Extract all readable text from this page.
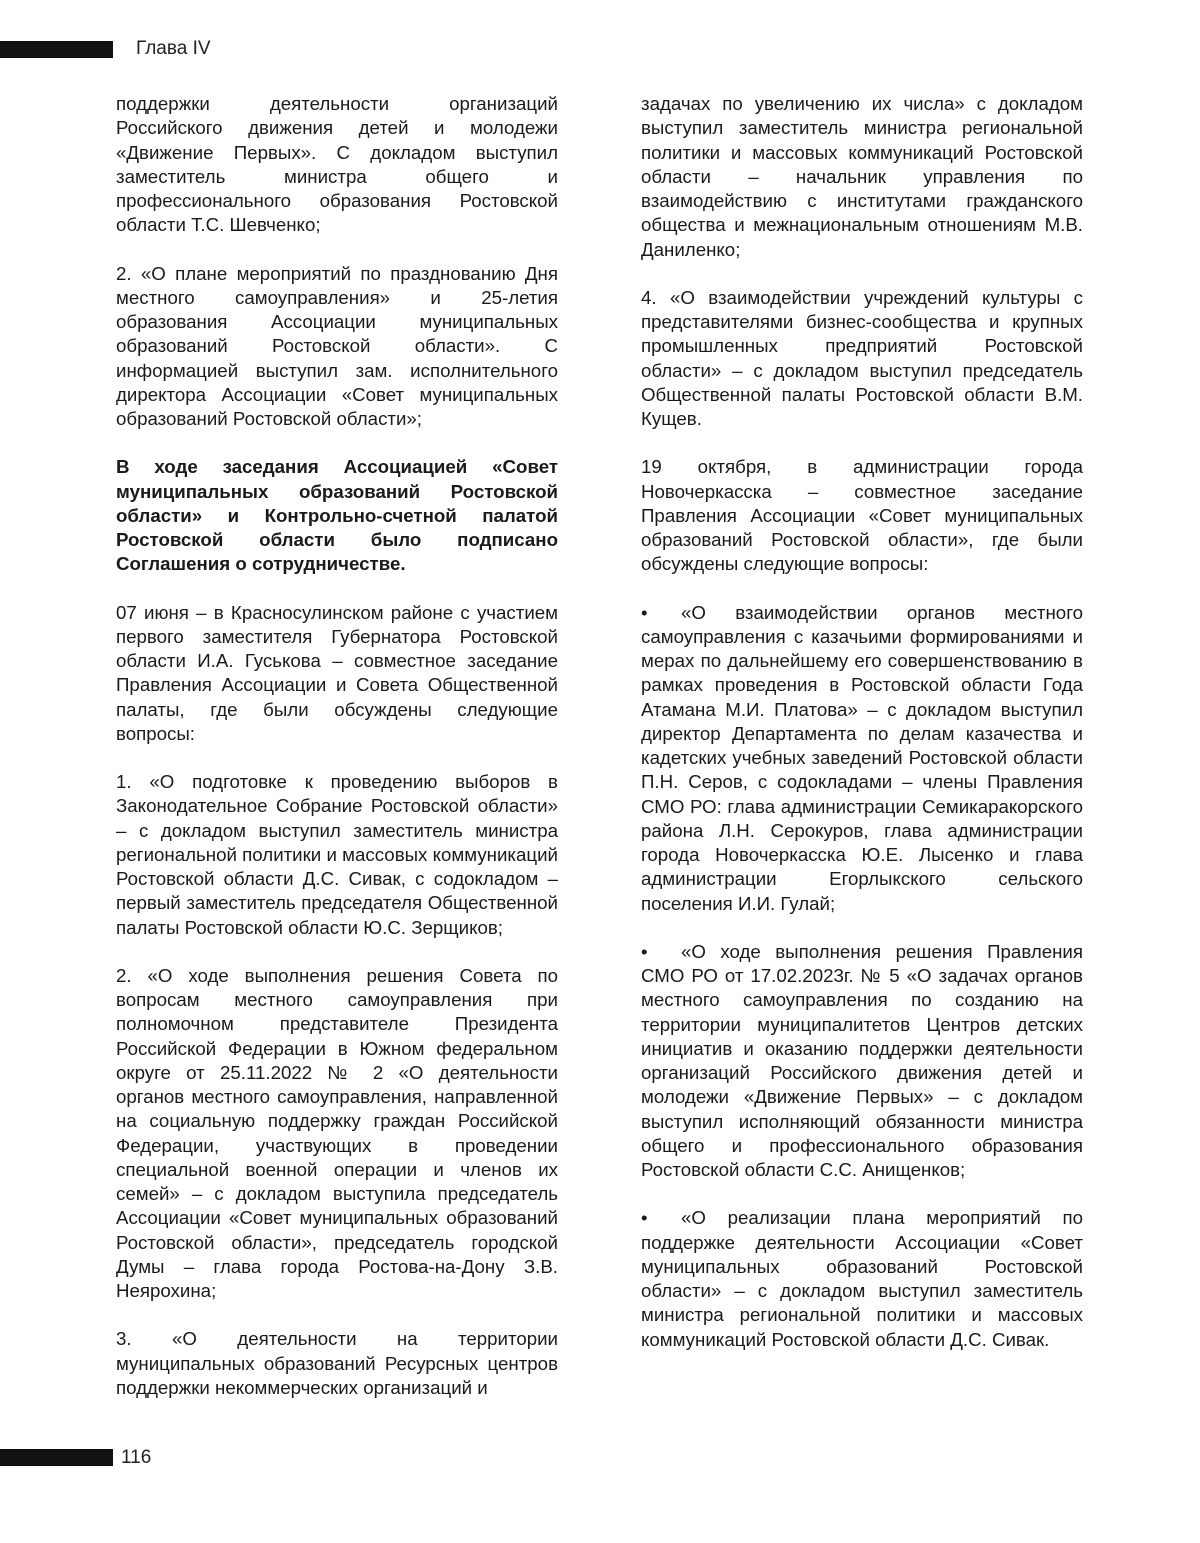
Глава IV

поддержки деятельности организаций Российского движения детей и молодежи «Движение Первых». С докладом выступил заместитель министра общего и профессионального образования Ростовской области Т.С. Шевченко;

2. «О плане мероприятий по празднованию Дня местного самоуправления» и 25-летия образования Ассоциации муниципальных образований Ростовской области». С информацией выступил зам. исполнительного директора Ассоциации «Совет муниципальных образований Ростовской области»;

В ходе заседания Ассоциацией «Совет муниципальных образований Ростовской области» и Контрольно-счетной палатой Ростовской области было подписано Соглашения о сотрудничестве.

07 июня – в Красносулинском районе с участием первого заместителя Губернатора Ростовской области И.А. Гуськова – совместное заседание Правления Ассоциации и Совета Общественной палаты, где были обсуждены следующие вопросы:

1. «О подготовке к проведению выборов в Законодательное Собрание Ростовской области» – с докладом выступил заместитель министра региональной политики и массовых коммуникаций Ростовской области Д.С. Сивак, с содокладом – первый заместитель председателя Общественной палаты Ростовской области Ю.С. Зерщиков;

2. «О ходе выполнения решения Совета по вопросам местного самоуправления при полномочном представителе Президента Российской Федерации в Южном федеральном округе от 25.11.2022 № 2 «О деятельности органов местного самоуправления, направленной на социальную поддержку граждан Российской Федерации, участвующих в проведении специальной военной операции и членов их семей» – с докладом выступила председатель Ассоциации «Совет муниципальных образований Ростовской области», председатель городской Думы – глава города Ростова-на-Дону З.В. Неярохина;

3. «О деятельности на территории муниципальных образований Ресурсных центров поддержки некоммерческих организаций и

задачах по увеличению их числа» с докладом выступил заместитель министра региональной политики и массовых коммуникаций Ростовской области – начальник управления по взаимодействию с институтами гражданского общества и межнациональным отношениям М.В. Даниленко;

4. «О взаимодействии учреждений культуры с представителями бизнес-сообщества и крупных промышленных предприятий Ростовской области» – с докладом выступил председатель Общественной палаты Ростовской области В.М. Кущев.

19 октября, в администрации города Новочеркасска – совместное заседание Правления Ассоциации «Совет муниципальных образований Ростовской области», где были обсуждены следующие вопросы:

• «О взаимодействии органов местного самоуправления с казачьими формированиями и мерах по дальнейшему его совершенствованию в рамках проведения в Ростовской области Года Атамана М.И. Платова» – с докладом выступил директор Департамента по делам казачества и кадетских учебных заведений Ростовской области П.Н. Серов, с содокладами – члены Правления СМО РО: глава администрации Семикаракорского района Л.Н. Серокуров, глава администрации города Новочеркасска Ю.Е. Лысенко и глава администрации Егорлыкского сельского поселения И.И. Гулай;

• «О ходе выполнения решения Правления СМО РО от 17.02.2023г. № 5 «О задачах органов местного самоуправления по созданию на территории муниципалитетов Центров детских инициатив и оказанию поддержки деятельности организаций Российского движения детей и молодежи «Движение Первых» – с докладом выступил исполняющий обязанности министра общего и профессионального образования Ростовской области С.С. Анищенков;

• «О реализации плана мероприятий по поддержке деятельности Ассоциации «Совет муниципальных образований Ростовской области» – с докладом выступил заместитель министра региональной политики и массовых коммуникаций Ростовской области Д.С. Сивак.

116
